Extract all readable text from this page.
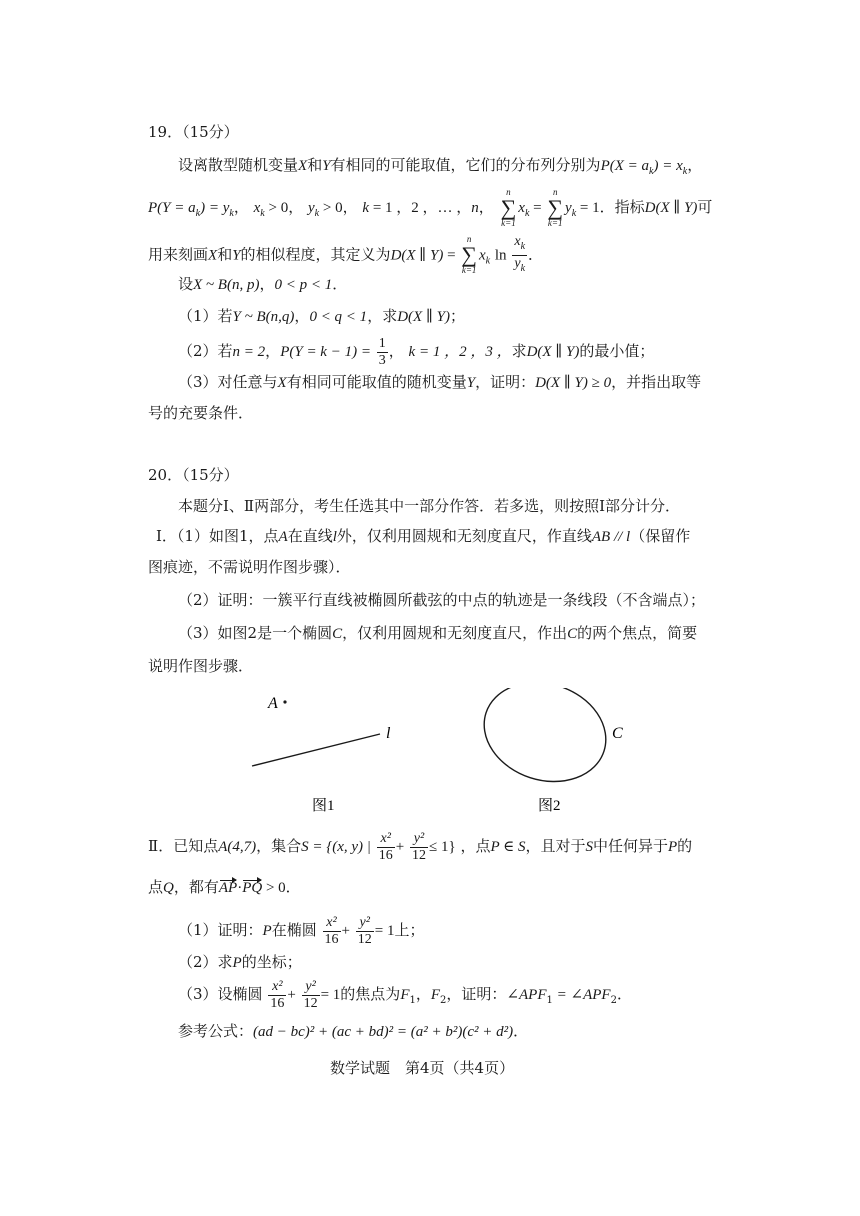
19．（15分）
设离散型随机变量X和Y有相同的可能取值，它们的分布列分别为$P(X = a_k) = x_k$，
$P(Y = a_k) = y_k$， $x_k > 0$， $y_k > 0$， k = 1 ，2 ，… ，n，
n
∑
k=1
$x_k$ =
n
∑
k=1
$y_k = 1$．指标D(X ∥ Y)可
用来刻画X和Y的相似程度，其定义为D(X ∥ Y) =
n
∑
k=1
$x_k$ $\ln \frac{x_k}{y_k}$ ．
设X ~ B(n, p)，0 < p < 1．
（1）若Y ~ B(n,q)，0 < q < 1，求D(X ∥ Y)；
（2）若n = 2，$P(Y = k - 1) = \frac{1}{3}$ ， k = 1 ，2 ，3 ，求D(X ∥ Y)的最小值；
（3）对任意与X有相同可能取值的随机变量Y，证明：D(X ∥ Y) ≥ 0，并指出取等
号的充要条件．
20．（15分）
本题分Ⅰ、Ⅱ两部分，考生任选其中一部分作答．若多选，则按照Ⅰ部分计分．
Ⅰ．（1）如图1，点A在直线l外，仅利用圆规和无刻度直尺，作直线AB // l（保留作
图痕迹，不需说明作图步骤）．
（2）证明：一簇平行直线被椭圆所截弦的中点的轨迹是一条线段（不含端点）；
（3）如图2是一个椭圆C，仅利用圆规和无刻度直尺，作出C的两个焦点，简要
说明作图步骤．
A
l
图1
C
图2
Ⅱ．已知点A(4,7)，集合S = {(x, y) | $\frac{\text{x²}}{16} + \frac{\text{y²}}{12} \le 1$} ，点P ∈ S，且对于S中任何异于P的
点Q，都有AP·PQ > 0．
（1）证明：P在椭圆 $\frac{\text{x²}}{16} + \frac{\text{y²}}{12} = 1$上；
（2）求P的坐标；
（3）设椭圆 $\frac{\text{x²}}{16} + \frac{\text{y²}}{12} = 1$的焦点为$F_1$，$F_2$，证明：$\angle APF_1$ = $\angle APF_2$．
参考公式：(ad − bc)² + (ac + bd)² = (a² + b²)(c² + d²)．
数学试题　第4页（共4页）
